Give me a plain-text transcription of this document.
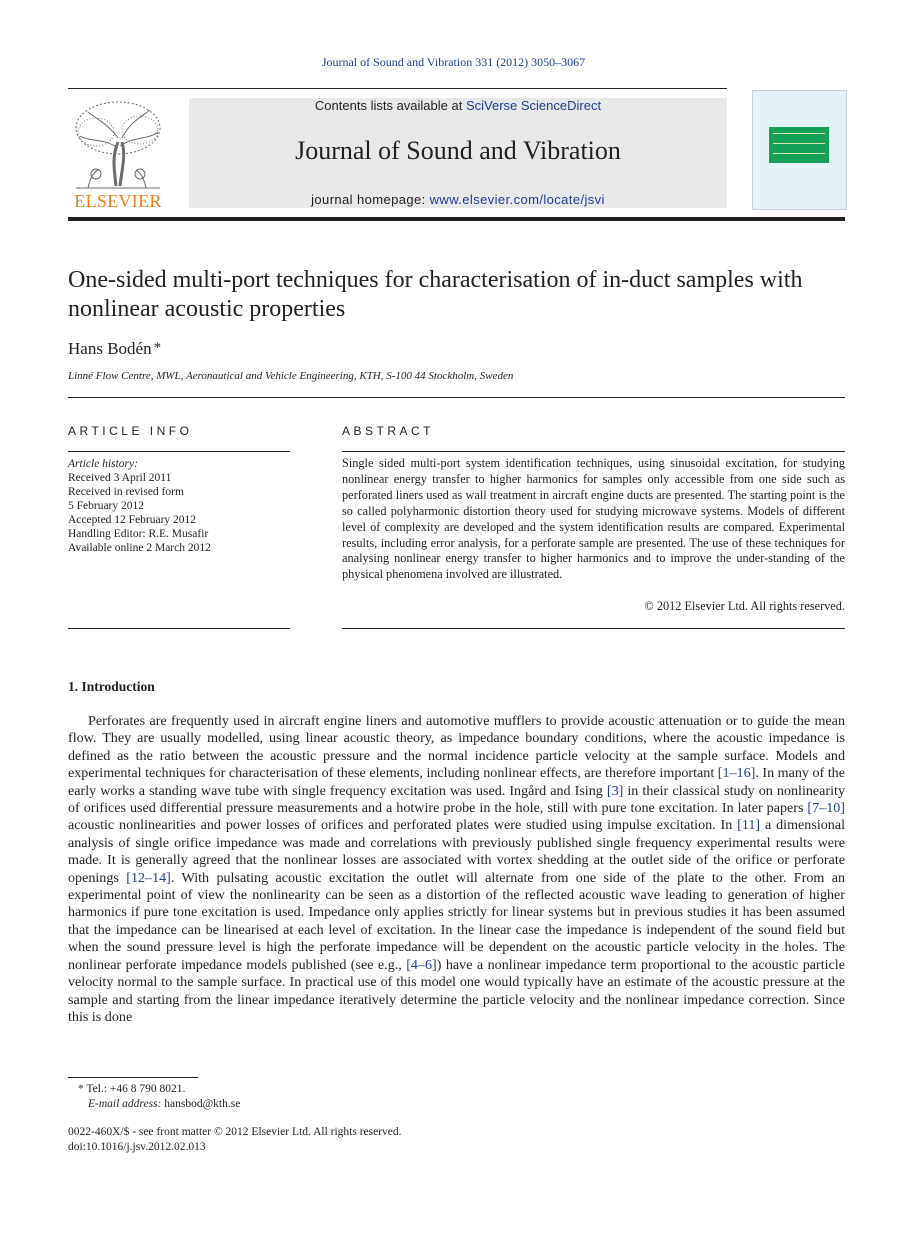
Journal of Sound and Vibration 331 (2012) 3050–3067
ELSEVIER
Contents lists available at SciVerse ScienceDirect
Journal of Sound and Vibration
journal homepage: www.elsevier.com/locate/jsvi
One-sided multi-port techniques for characterisation of in-duct samples with nonlinear acoustic properties
Hans Bodén *
Linné Flow Centre, MWL, Aeronautical and Vehicle Engineering, KTH, S-100 44 Stockholm, Sweden
ARTICLE INFO	ABSTRACT
Article history:
Received 3 April 2011
Received in revised form
5 February 2012
Accepted 12 February 2012
Handling Editor: R.E. Musafir
Available online 2 March 2012
Single sided multi-port system identification techniques, using sinusoidal excitation, for studying nonlinear energy transfer to higher harmonics for samples only accessible from one side such as perforated liners used as wall treatment in aircraft engine ducts are presented. The starting point is the so called polyharmonic distortion theory used for studying microwave systems. Models of different level of complexity are developed and the system identification results are compared. Experimental results, including error analysis, for a perforate sample are presented. The use of these techniques for analysing nonlinear energy transfer to higher harmonics and to improve the under-standing of the physical phenomena involved are illustrated.
© 2012 Elsevier Ltd. All rights reserved.
1. Introduction
Perforates are frequently used in aircraft engine liners and automotive mufflers to provide acoustic attenuation or to guide the mean flow. They are usually modelled, using linear acoustic theory, as impedance boundary conditions, where the acoustic impedance is defined as the ratio between the acoustic pressure and the normal incidence particle velocity at the sample surface. Models and experimental techniques for characterisation of these elements, including nonlinear effects, are therefore important [1–16]. In many of the early works a standing wave tube with single frequency excitation was used. Ingård and Ising [3] in their classical study on nonlinearity of orifices used differential pressure measurements and a hotwire probe in the hole, still with pure tone excitation. In later papers [7–10] acoustic nonlinearities and power losses of orifices and perforated plates were studied using impulse excitation. In [11] a dimensional analysis of single orifice impedance was made and correlations with previously published single frequency experimental results were made. It is generally agreed that the nonlinear losses are associated with vortex shedding at the outlet side of the orifice or perforate openings [12–14]. With pulsating acoustic excitation the outlet will alternate from one side of the plate to the other. From an experimental point of view the nonlinearity can be seen as a distortion of the reflected acoustic wave leading to generation of higher harmonics if pure tone excitation is used. Impedance only applies strictly for linear systems but in previous studies it has been assumed that the impedance can be linearised at each level of excitation. In the linear case the impedance is independent of the sound field but when the sound pressure level is high the perforate impedance will be dependent on the acoustic particle velocity in the holes. The nonlinear perforate impedance models published (see e.g., [4–6]) have a nonlinear impedance term proportional to the acoustic particle velocity normal to the sample surface. In practical use of this model one would typically have an estimate of the acoustic pressure at the sample and starting from the linear impedance iteratively determine the particle velocity and the nonlinear impedance correction. Since this is done
* Tel.: +46 8 790 8021.
E-mail address: hansbod@kth.se
0022-460X/$ - see front matter © 2012 Elsevier Ltd. All rights reserved.
doi:10.1016/j.jsv.2012.02.013
